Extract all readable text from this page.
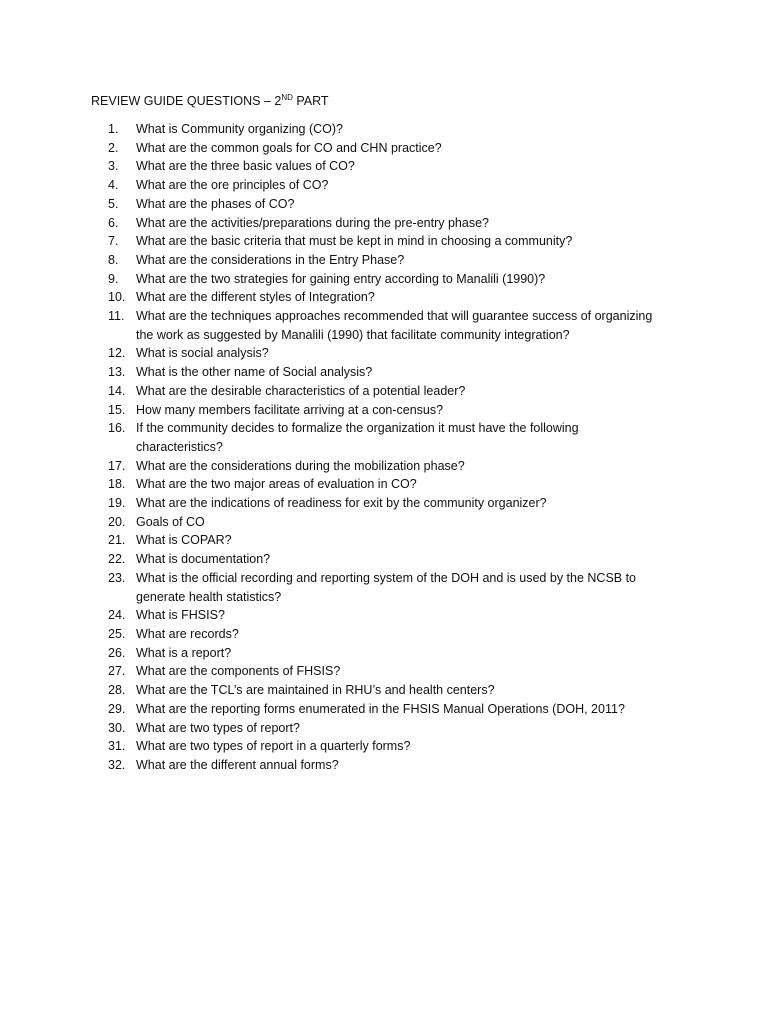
REVIEW GUIDE QUESTIONS – 2ND PART
1.	What is Community organizing (CO)?
2.	What are the common goals for CO and CHN practice?
3.	What are the three basic values of CO?
4.	What are the ore principles of CO?
5.	What are the phases of CO?
6.	What are the activities/preparations during the pre-entry phase?
7.	What are the basic criteria that must be kept in mind in choosing a community?
8.	What are the considerations in the Entry Phase?
9.	What are the two strategies for gaining entry according to Manalili (1990)?
10. What are the different styles of Integration?
11. What are the techniques approaches recommended that will guarantee success of organizing
the work as suggested by Manalili (1990) that facilitate community integration?
12. What is social analysis?
13. What is the other name of Social analysis?
14. What are the desirable characteristics of a potential leader?
15. How many members facilitate arriving at a con-census?
16. If the community decides to formalize the organization it must have the following
characteristics?
17. What are the considerations during the mobilization phase?
18. What are the two major areas of evaluation in CO?
19. What are the indications of readiness for exit by the community organizer?
20. Goals of CO
21. What is COPAR?
22. What is documentation?
23. What is the official recording and reporting system of the DOH and is used by the NCSB to
generate health statistics?
24. What is FHSIS?
25. What are records?
26. What is a report?
27. What are the components of FHSIS?
28. What are the TCL’s are maintained in RHU’s and health centers?
29. What are the reporting forms enumerated in the FHSIS Manual Operations (DOH, 2011?
30. What are two types of report?
31. What are two types of report in a quarterly forms?
32. What are the different annual forms?
